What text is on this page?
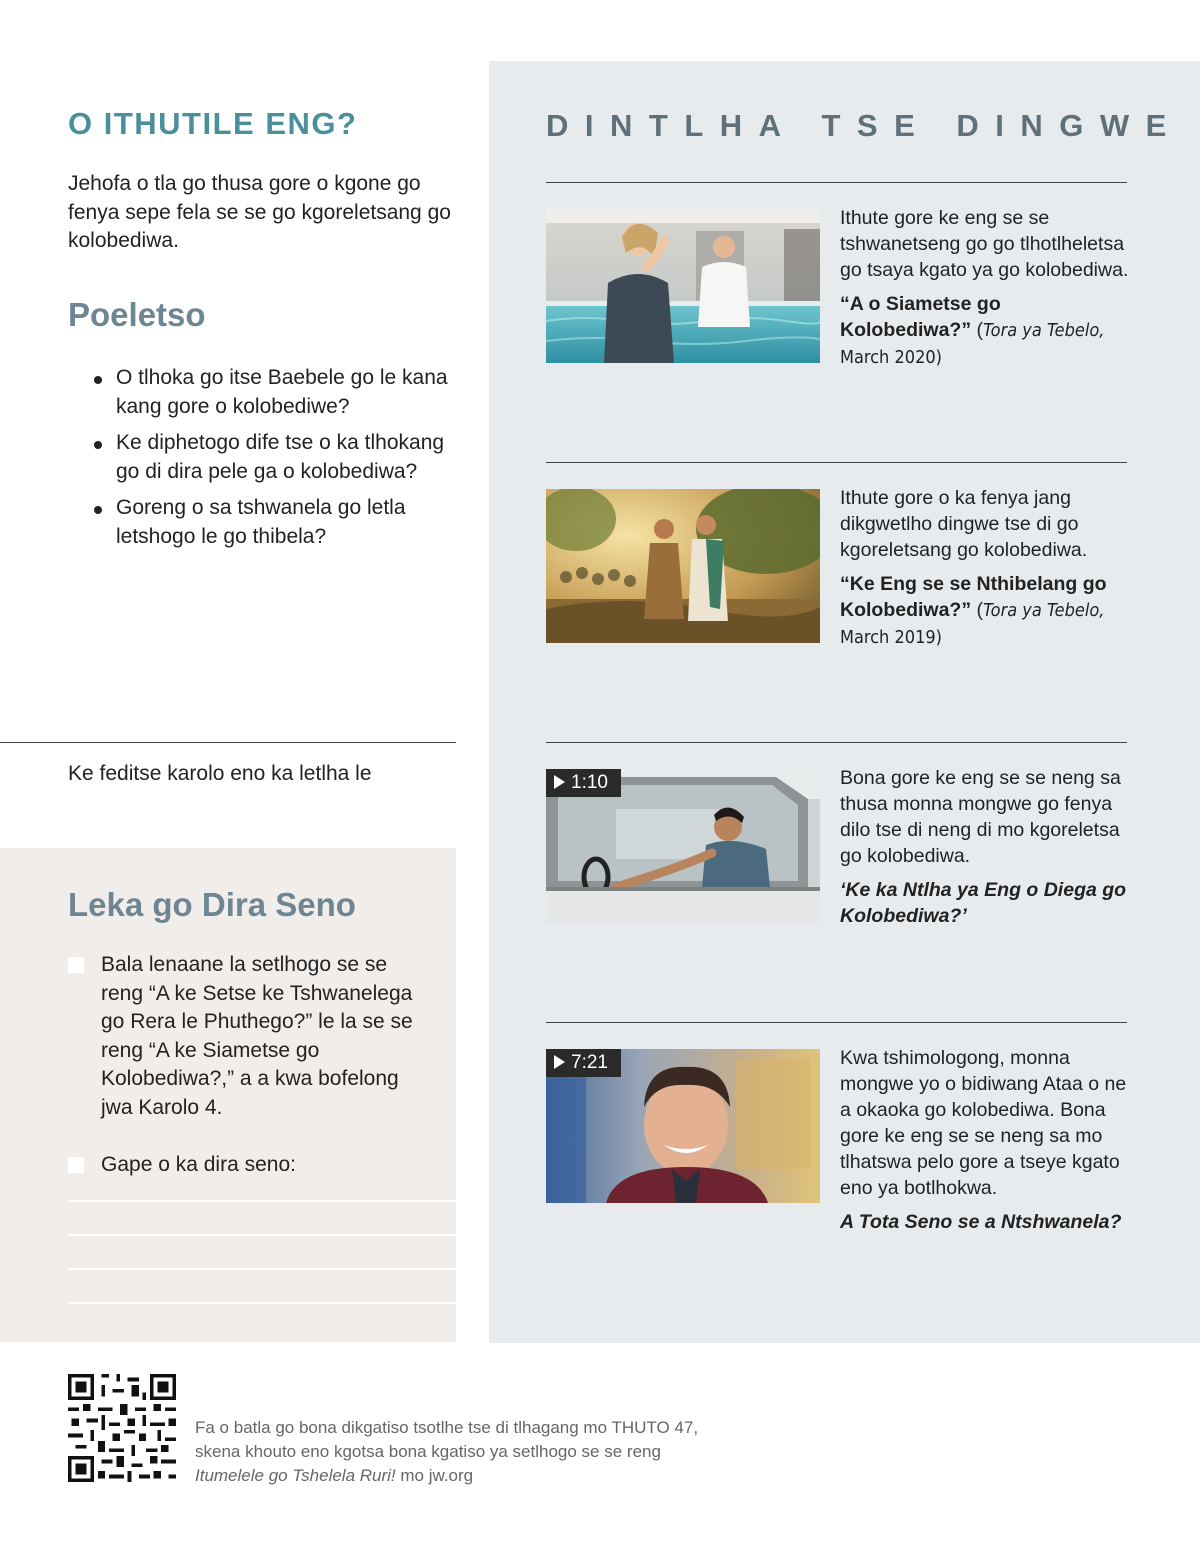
O ITHUTILE ENG?

Jehofa o tla go thusa gore o kgone go fenya sepe fela se se go kgoreletsang go kolobediwa.

Poeletso
O tlhoka go itse Baebele go le kana kang gore o kolobediwe?
Ke diphetogo dife tse o ka tlhokang go di dira pele ga o kolobediwa?
Goreng o sa tshwanela go letla letshogo le go thibela?

Ke feditse karolo eno ka letlha le

Leka go Dira Seno
Bala lenaane la setlhogo se se reng “A ke Setse ke Tshwanelega go Rera le Phuthego?” le la se se reng “A ke Siametse go Kolobediwa?,” a a kwa bofelong jwa Karolo 4.
Gape o ka dira seno:
DINTLHA TSE DINGWE

Ithute gore ke eng se se tshwanetseng go go tlhotlheletsa go tsaya kgato ya go kolobediwa.

“A o Siametse go Kolobediwa?” (Tora ya Tebelo, March 2020)

Ithute gore o ka fenya jang dikgwetlho dingwe tse di go kgoreletsang go kolobediwa.

“Ke Eng se se Nthibelang go Kolobediwa?” (Tora ya Tebelo, March 2019)

1:10	Bona gore ke eng se se neng sa thusa monna mongwe go fenya dilo tse di neng di mo kgoreletsa go kolobediwa.

‘Ke ka Ntlha ya Eng o Diega go Kolobediwa?’

7:21	Kwa tshimologong, monna mongwe yo o bidiwang Ataa o ne a okaoka go kolobediwa. Bona gore ke eng se se neng sa mo tlhatswa pelo gore a tseye kgato eno ya botlhokwa.

A Tota Seno se a Ntshwanela?

Fa o batla go bona dikgatiso tsotlhe tse di tlhagang mo THUTO 47, skena khouto eno kgotsa bona kgatiso ya setlhogo se se reng Itumelele go Tshelela Ruri! mo jw.org
